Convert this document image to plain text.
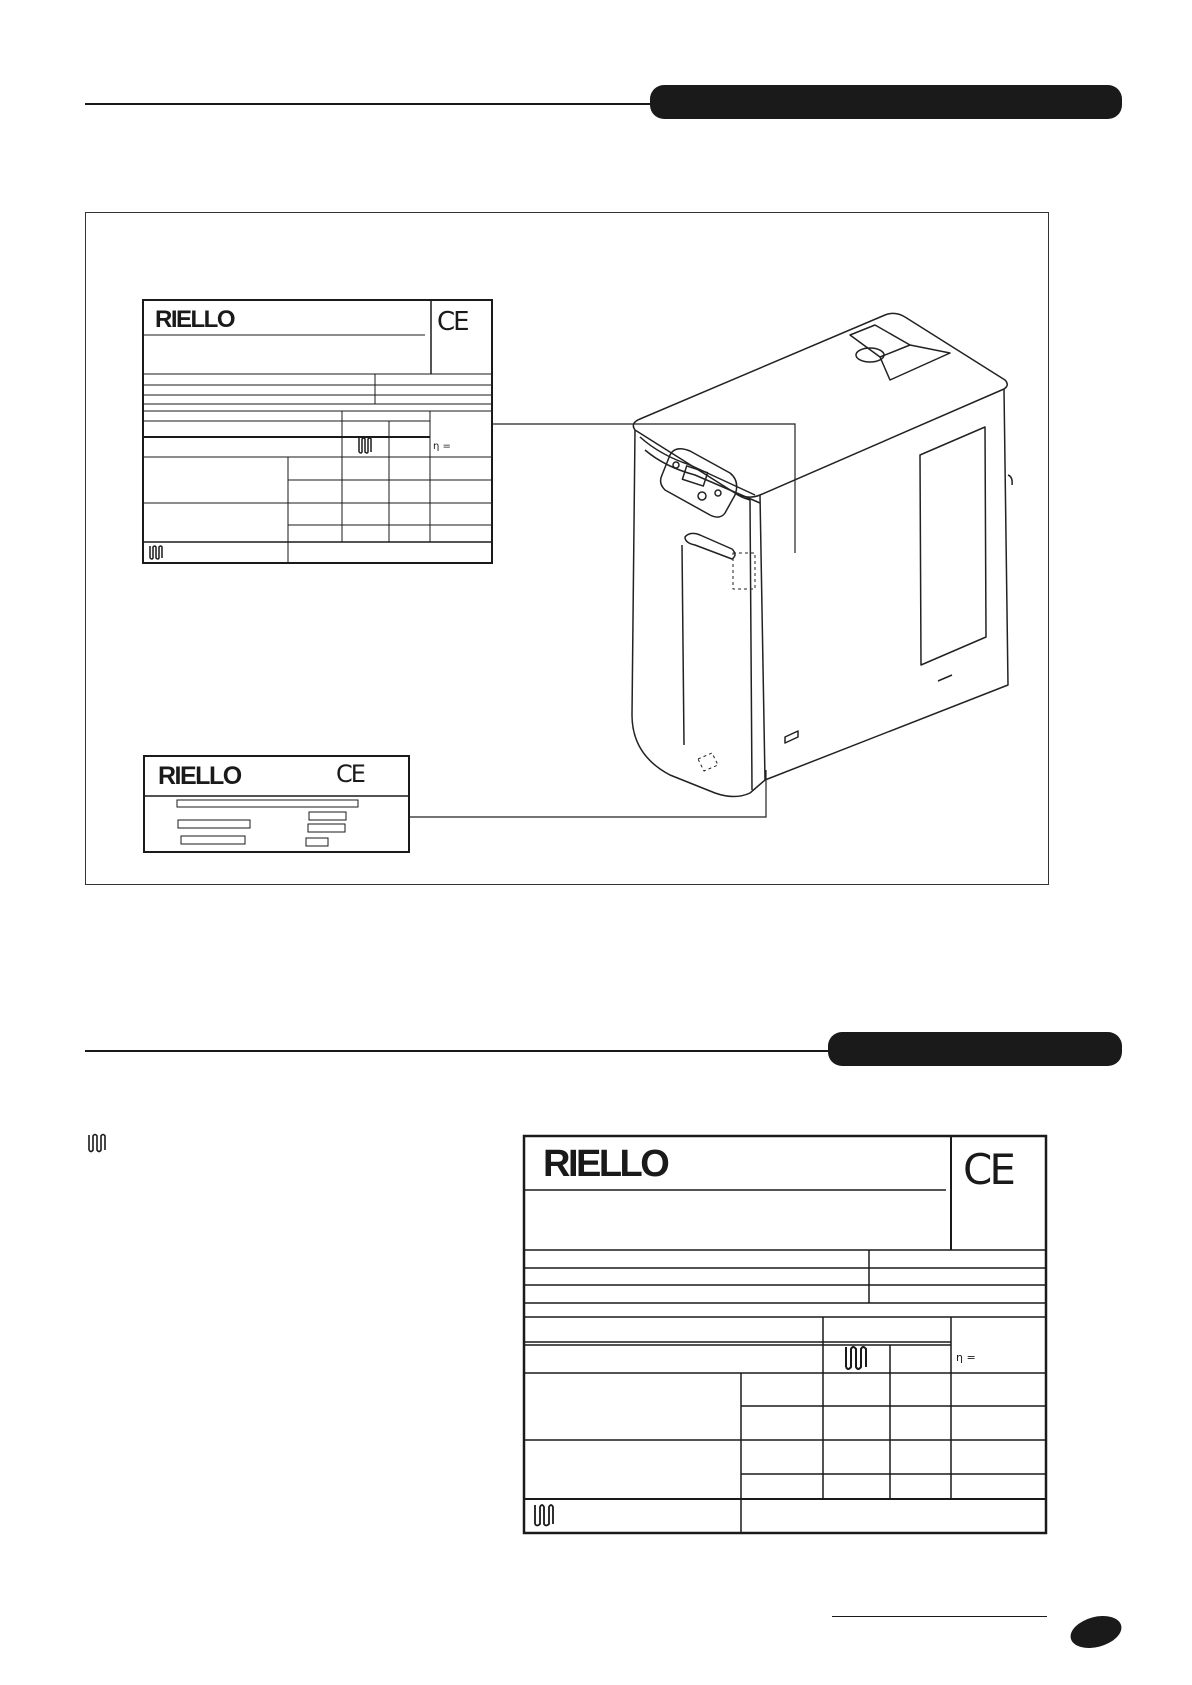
RIELLO	CE
η =
RIELLO	CE
RIELLO	CE
η =
